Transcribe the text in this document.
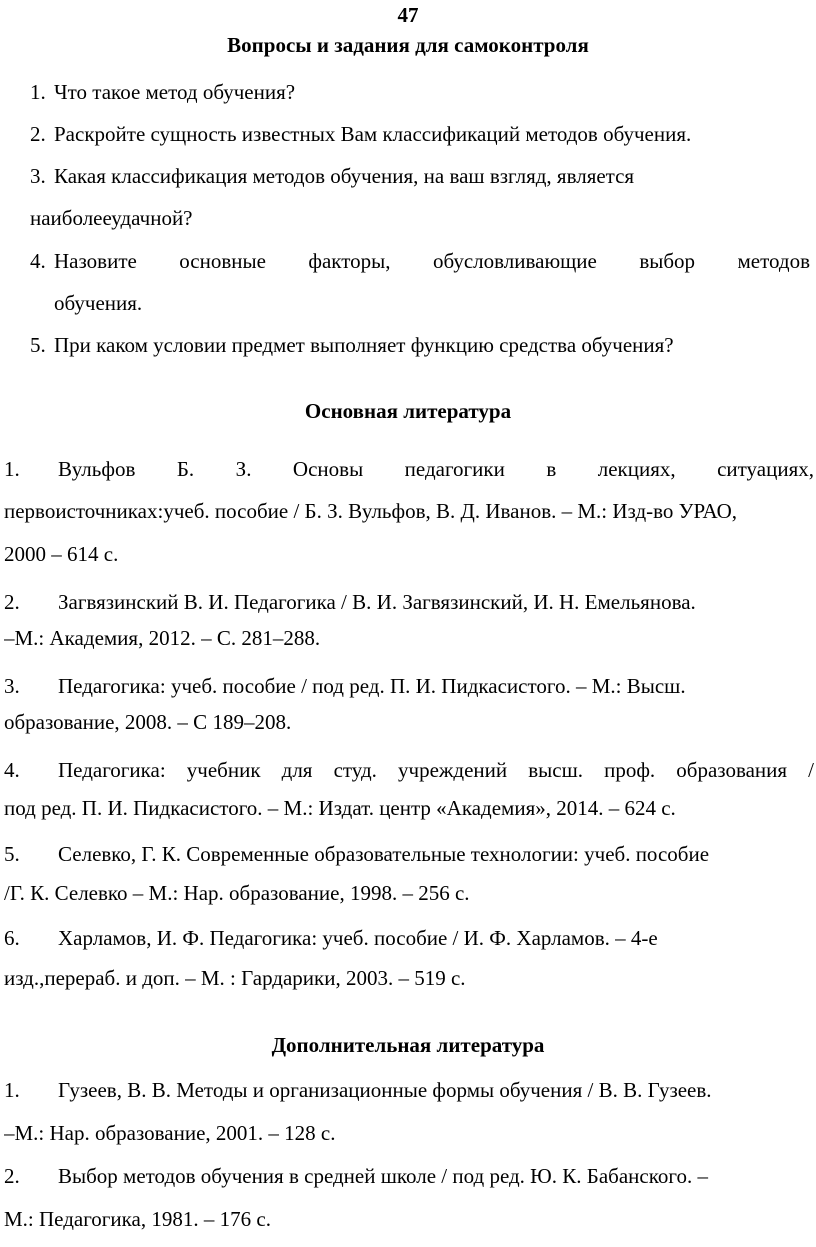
47
Вопросы и задания для самоконтроля
1. Что такое метод обучения?
2. Раскройте сущность известных Вам классификаций методов обучения.
3. Какая классификация методов обучения, на ваш взгляд, является
наиболееудачной?
4. Назовите основные факторы, обусловливающие выбор методов
обучения.
5. При каком условии предмет выполняет функцию средства обучения?
Основная литература
1. Вульфов Б. З. Основы педагогики в лекциях, ситуациях,
первоисточниках:учеб. пособие / Б. З. Вульфов, В. Д. Иванов. – М.: Изд-во УРАО,
2000 – 614 с.
2. Загвязинский В. И. Педагогика / В. И. Загвязинский, И. Н. Емельянова.
–М.: Академия, 2012. – С. 281–288.
3. Педагогика: учеб. пособие / под ред. П. И. Пидкасистого. – М.: Высш.
образование, 2008. – С 189–208.
4. Педагогика: учебник для студ. учреждений высш. проф. образования /
под ред. П. И. Пидкасистого. – М.: Издат. центр «Академия», 2014. – 624 с.
5. Селевко, Г. К. Современные образовательные технологии: учеб. пособие
/Г. К. Селевко – М.: Нар. образование, 1998. – 256 с.
6. Харламов, И. Ф. Педагогика: учеб. пособие / И. Ф. Харламов. – 4-е
изд.,перераб. и доп. – М. : Гардарики, 2003. – 519 с.
Дополнительная литература
1. Гузеев, В. В. Методы и организационные формы обучения / В. В. Гузеев.
–М.: Нар. образование, 2001. – 128 с.
2. Выбор методов обучения в средней школе / под ред. Ю. К. Бабанского. –
М.: Педагогика, 1981. – 176 с.
